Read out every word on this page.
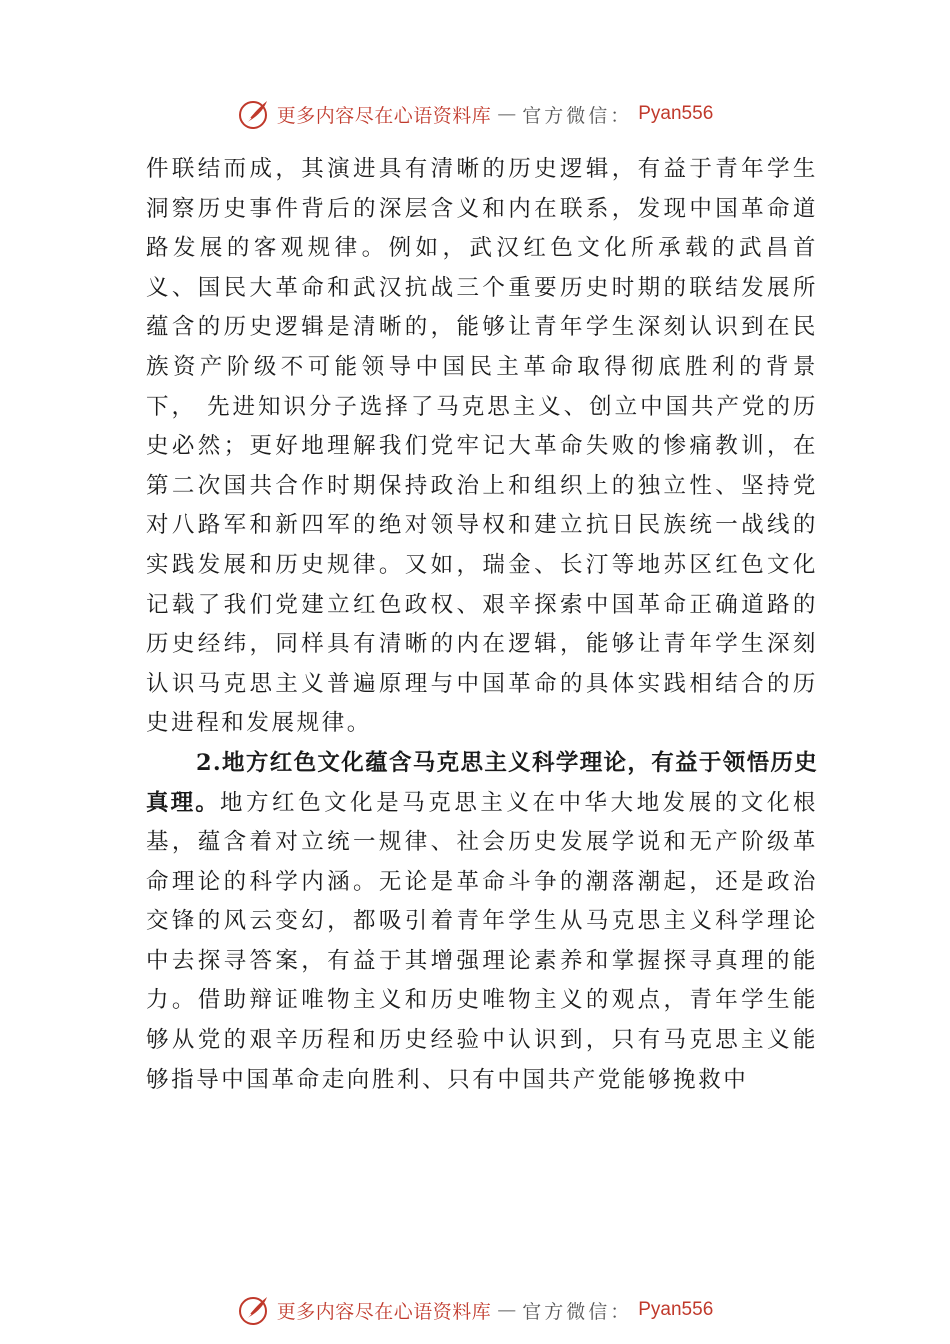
更多内容尽在心语资料库 — 官方微信： Pyan556

件联结而成，其演进具有清晰的历史逻辑，有益于青年学生洞察历史事件背后的深层含义和内在联系，发现中国革命道路发展的客观规律。例如，武汉红色文化所承载的武昌首义、国民大革命和武汉抗战三个重要历史时期的联结发展所蕴含的历史逻辑是清晰的，能够让青年学生深刻认识到在民族资产阶级不可能领导中国民主革命取得彻底胜利的背景下， 先进知识分子选择了马克思主义、创立中国共产党的历史必然；更好地理解我们党牢记大革命失败的惨痛教训，在第二次国共合作时期保持政治上和组织上的独立性、坚持党对八路军和新四军的绝对领导权和建立抗日民族统一战线的实践发展和历史规律。又如，瑞金、长汀等地苏区红色文化记载了我们党建立红色政权、艰辛探索中国革命正确道路的历史经纬，同样具有清晰的内在逻辑，能够让青年学生深刻认识马克思主义普遍原理与中国革命的具体实践相结合的历史进程和发展规律。

2.地方红色文化蕴含马克思主义科学理论，有益于领悟历史真理。地方红色文化是马克思主义在中华大地发展的文化根基，蕴含着对立统一规律、社会历史发展学说和无产阶级革命理论的科学内涵。无论是革命斗争的潮落潮起，还是政治交锋的风云变幻，都吸引着青年学生从马克思主义科学理论中去探寻答案，有益于其增强理论素养和掌握探寻真理的能力。借助辩证唯物主义和历史唯物主义的观点，青年学生能够从党的艰辛历程和历史经验中认识到，只有马克思主义能够指导中国革命走向胜利、只有中国共产党能够挽救中

更多内容尽在心语资料库 — 官方微信： Pyan556
